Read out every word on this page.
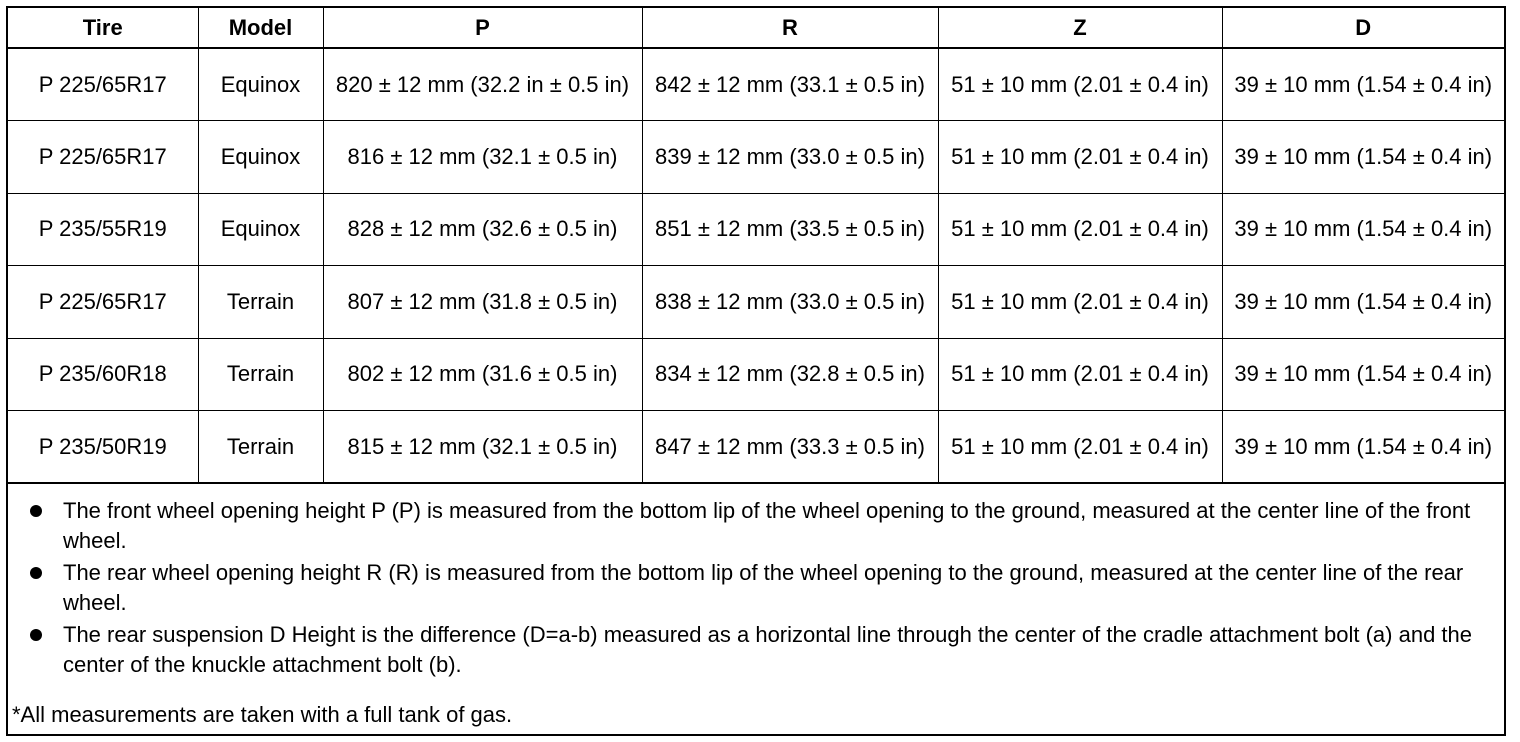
Tire	Model	P	R	Z	D
P 225/65R17	Equinox	820 ± 12 mm (32.2 in ± 0.5 in)	842 ± 12 mm (33.1 ± 0.5 in)	51 ± 10 mm (2.01 ± 0.4 in)	39 ± 10 mm (1.54 ± 0.4 in)
P 225/65R17	Equinox	816 ± 12 mm (32.1 ± 0.5 in)	839 ± 12 mm (33.0 ± 0.5 in)	51 ± 10 mm (2.01 ± 0.4 in)	39 ± 10 mm (1.54 ± 0.4 in)
P 235/55R19	Equinox	828 ± 12 mm (32.6 ± 0.5 in)	851 ± 12 mm (33.5 ± 0.5 in)	51 ± 10 mm (2.01 ± 0.4 in)	39 ± 10 mm (1.54 ± 0.4 in)
P 225/65R17	Terrain	807 ± 12 mm (31.8 ± 0.5 in)	838 ± 12 mm (33.0 ± 0.5 in)	51 ± 10 mm (2.01 ± 0.4 in)	39 ± 10 mm (1.54 ± 0.4 in)
P 235/60R18	Terrain	802 ± 12 mm (31.6 ± 0.5 in)	834 ± 12 mm (32.8 ± 0.5 in)	51 ± 10 mm (2.01 ± 0.4 in)	39 ± 10 mm (1.54 ± 0.4 in)
P 235/50R19	Terrain	815 ± 12 mm (32.1 ± 0.5 in)	847 ± 12 mm (33.3 ± 0.5 in)	51 ± 10 mm (2.01 ± 0.4 in)	39 ± 10 mm (1.54 ± 0.4 in)
The front wheel opening height P (P) is measured from the bottom lip of the wheel opening to the ground, measured at the center line of the front wheel.
The rear wheel opening height R (R) is measured from the bottom lip of the wheel opening to the ground, measured at the center line of the rear wheel.
The rear suspension D Height is the difference (D=a-b) measured as a horizontal line through the center of the cradle attachment bolt (a) and the center of the knuckle attachment bolt (b).

*All measurements are taken with a full tank of gas.
